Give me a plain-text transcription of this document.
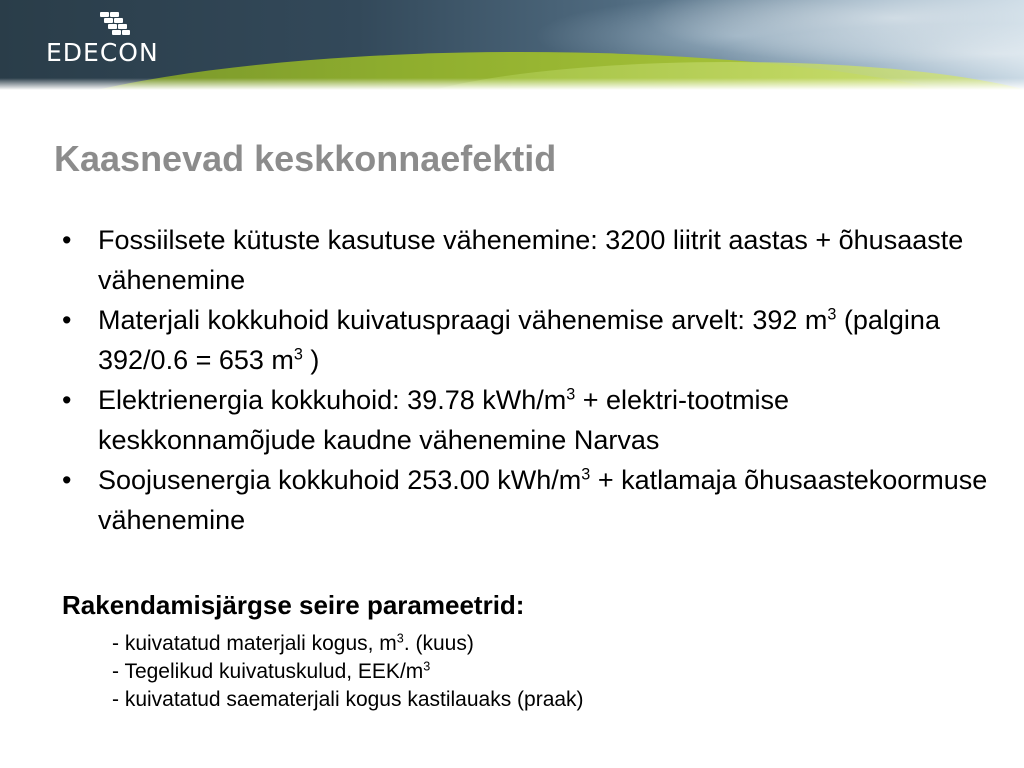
EDECON
Kaasnevad keskkonnaefektid
• Fossiilsete kütuste kasutuse vähenemine: 3200 liitrit aastas + õhusaaste vähenemine
• Materjali kokkuhoid kuivatuspraagi vähenemise arvelt: 392 $m^3$ (palgina 392/0.6 = 653 $m^3$ )
• Elektrienergia kokkuhoid: 39.78 kWh/$m^3$ + elektri-tootmise keskkonnamõjude kaudne vähenemine Narvas
• Soojusenergia kokkuhoid 253.00 kWh/$m^3$ + katlamaja õhusaastekoormuse vähenemine
Rakendamisjärgse seire parameetrid:
- kuivatatud materjali kogus, $m^3$. (kuus)
- Tegelikud kuivatuskulud, EEK/$m^3$
- kuivatatud saematerjali kogus kastilauaks (praak)
